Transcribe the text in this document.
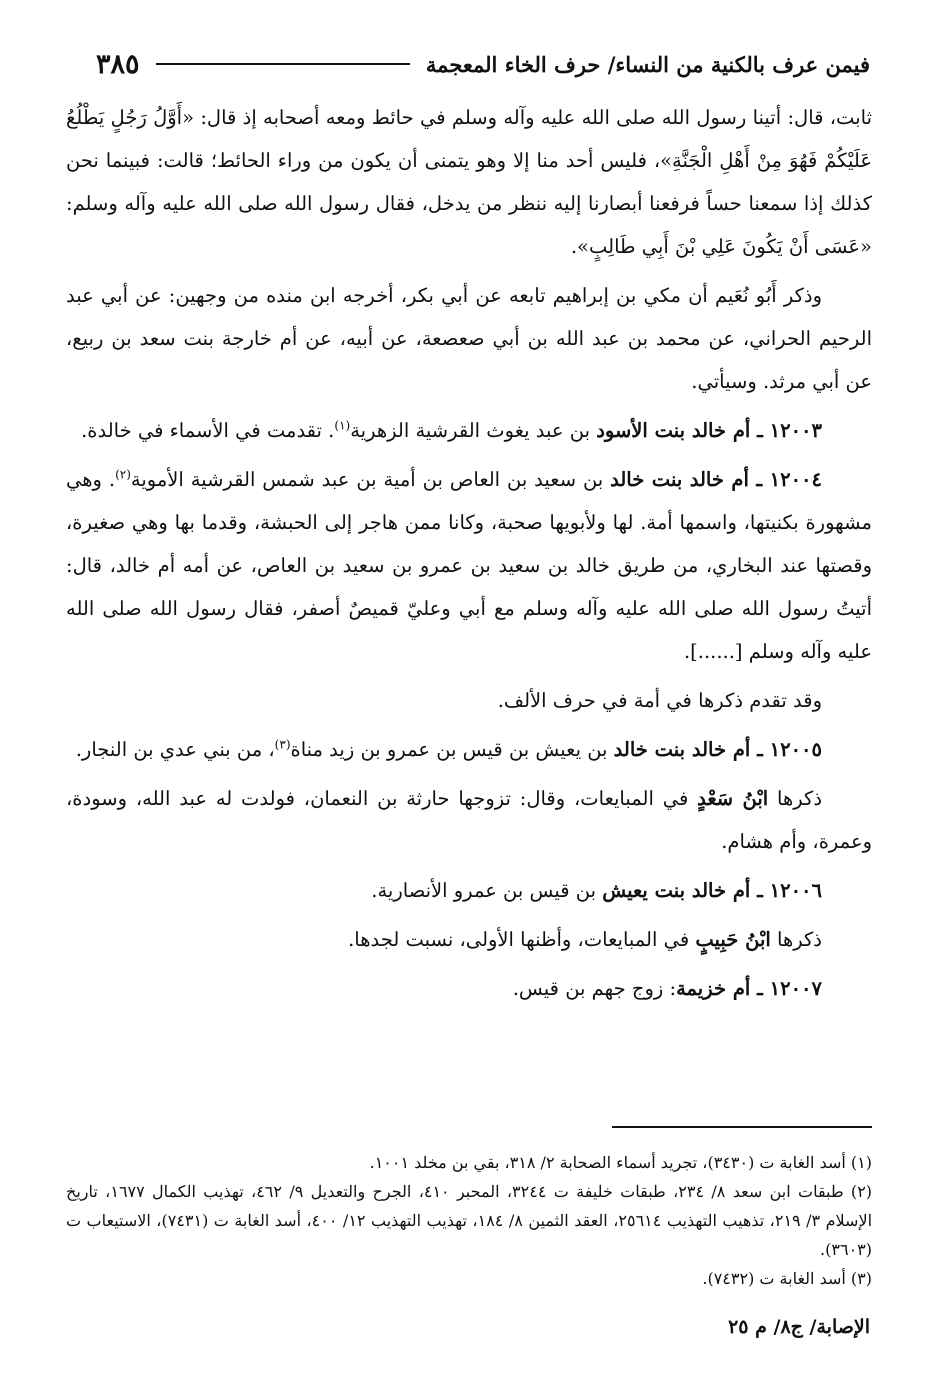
فيمن عرف بالكنية من النساء/ حرف الخاء المعجمة
٣٨٥

ثابت، قال: أتينا رسول الله صلى الله عليه وآله وسلم في حائط ومعه أصحابه إذ قال: «أَوَّلُ رَجُلٍ يَطْلُعُ عَلَيْكُمْ فَهُوَ مِنْ أَهْلِ الْجَنَّةِ»، فليس أحد منا إلا وهو يتمنى أن يكون من وراء الحائط؛ قالت: فبينما نحن كذلك إذا سمعنا حساً فرفعنا أبصارنا إليه ننظر من يدخل، فقال رسول الله صلى الله عليه وآله وسلم: «عَسَى أَنْ يَكُونَ عَلِي بْنَ أَبِي طَالِبٍ».

وذكر أَبُو نُعَيم أن مكي بن إبراهيم تابعه عن أبي بكر، أخرجه ابن منده من وجهين: عن أبي عبد الرحيم الحراني، عن محمد بن عبد الله بن أبي صعصعة، عن أبيه، عن أم خارجة بنت سعد بن ربيع، عن أبي مرثد. وسيأتي.

١٢٠٠٣ ـ أم خالد بنت الأسود بن عبد يغوث القرشية الزهرية$^{(١)}$. تقدمت في الأسماء في خالدة.

١٢٠٠٤ ـ أم خالد بنت خالد بن سعيد بن العاص بن أمية بن عبد شمس القرشية الأموية$^{(٢)}$. وهي مشهورة بكنيتها، واسمها أمة. لها ولأبويها صحبة، وكانا ممن هاجر إلى الحبشة، وقدما بها وهي صغيرة، وقصتها عند البخاري، من طريق خالد بن سعيد بن عمرو بن سعيد بن العاص، عن أمه أم خالد، قال: أتيتُ رسول الله صلى الله عليه وآله وسلم مع أبي وعليّ قميصٌ أصفر، فقال رسول الله صلى الله عليه وآله وسلم [......].

وقد تقدم ذكرها في أمة في حرف الألف.

١٢٠٠٥ ـ أم خالد بنت خالد بن يعيش بن قيس بن عمرو بن زيد مناة$^{(٣)}$، من بني عدي بن النجار.

ذكرها ابْنُ سَعْدٍ في المبايعات، وقال: تزوجها حارثة بن النعمان، فولدت له عبد الله، وسودة، وعمرة، وأم هشام.

١٢٠٠٦ ـ أم خالد بنت يعيش بن قيس بن عمرو الأنصارية.

ذكرها ابْنُ حَبِيبٍ في المبايعات، وأظنها الأولى، نسبت لجدها.

١٢٠٠٧ ـ أم خزيمة: زوج جهم بن قيس.

(١) أسد الغابة ت (٣٤٣٠)، تجريد أسماء الصحابة ٢/ ٣١٨، بقي بن مخلد ١٠٠١.

(٢) طبقات ابن سعد ٨/ ٢٣٤، طبقات خليفة ت ٣٢٤٤، المحبر ٤١٠، الجرح والتعديل ٩/ ٤٦٢، تهذيب الكمال ١٦٧٧، تاريخ الإسلام ٣/ ٢١٩، تذهيب التهذيب ٢٥٦١٤، العقد الثمين ٨/ ١٨٤، تهذيب التهذيب ١٢/ ٤٠٠، أسد الغابة ت (٧٤٣١)، الاستيعاب ت (٣٦٠٣).

(٣) أسد الغابة ت (٧٤٣٢).

الإصابة/ ج٨/ م ٢٥
